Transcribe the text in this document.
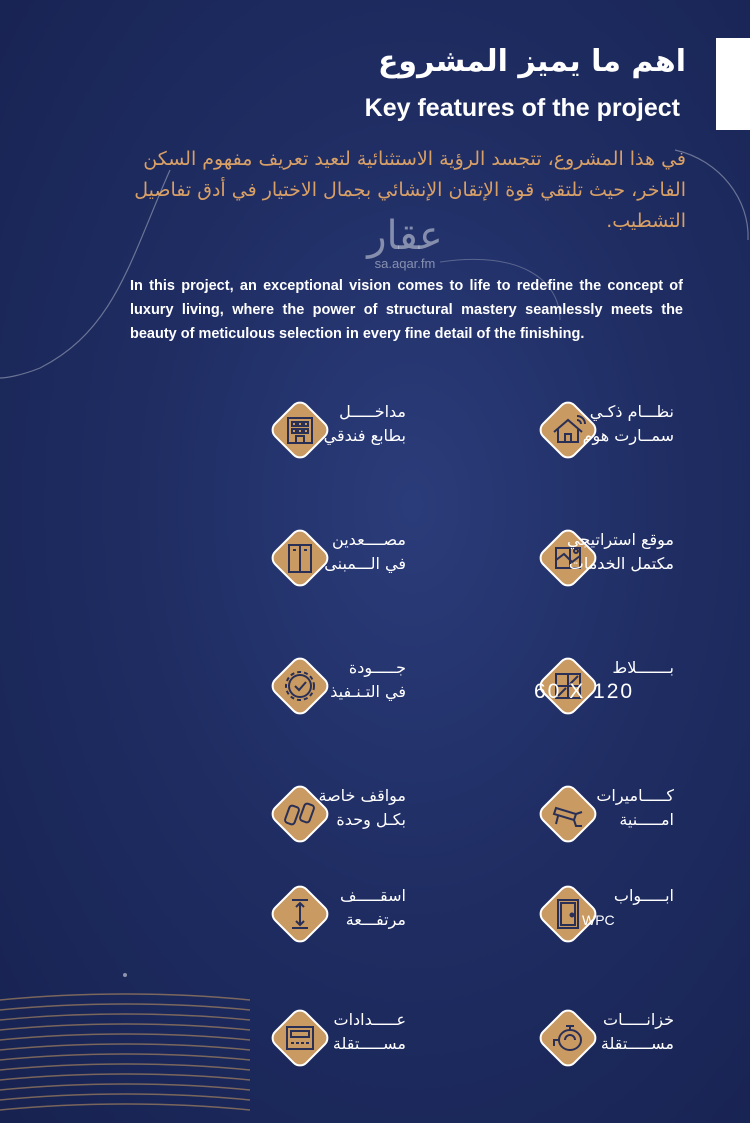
اهم ما يميز المشروع
Key features of the project
في هذا المشروع، تتجسد الرؤية الاستثنائية لتعيد تعريف مفهوم السكن الفاخر، حيث تلتقي قوة الإتقان الإنشائي بجمال الاختيار في أدق تفاصيل التشطيب.
عقار
sa.aqar.fm
In this project, an exceptional vision comes to life to redefine the concept of luxury living, where the power of structural mastery seamlessly meets the beauty of meticulous selection in every fine detail of the finishing.
نظـــام ذكـي
سمــارت هوم
مداخـــــل
بطابع فندقي
موقع استراتيجي
مكتمل الخدمات
مصــــعدين
في الـــمبنى
بـــــــلاط
60 X 120
جـــــودة
في التـنـفيذ
كـــــاميرات
امـــــنية
مواقف خاصة
بكـل وحدة
ابـــــواب
WPC
اسقـــــف
مرتفـــعة
خزانـــــات
مســـــتقلة
عـــــدادات
مســـــتقلة
